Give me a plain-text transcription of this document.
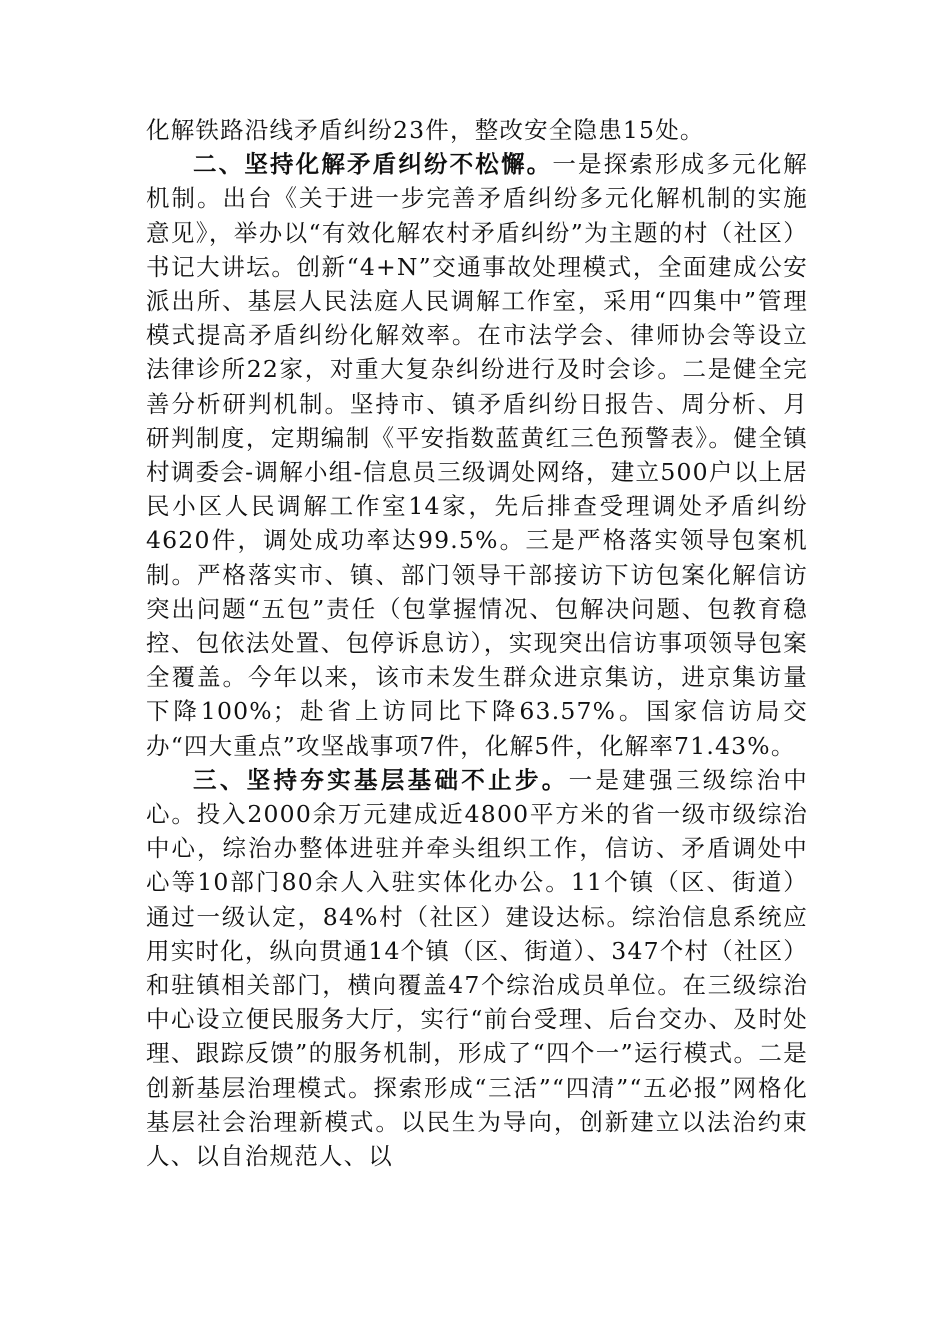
化解铁路沿线矛盾纠纷23件，整改安全隐患15处。

二、坚持化解矛盾纠纷不松懈。一是探索形成多元化解机制。出台《关于进一步完善矛盾纠纷多元化解机制的实施意见》，举办以“有效化解农村矛盾纠纷”为主题的村（社区）书记大讲坛。创新“4+N”交通事故处理模式，全面建成公安派出所、基层人民法庭人民调解工作室，采用“四集中”管理模式提高矛盾纠纷化解效率。在市法学会、律师协会等设立法律诊所22家，对重大复杂纠纷进行及时会诊。二是健全完善分析研判机制。坚持市、镇矛盾纠纷日报告、周分析、月研判制度，定期编制《平安指数蓝黄红三色预警表》。健全镇村调委会-调解小组-信息员三级调处网络，建立500户以上居民小区人民调解工作室14家，先后排查受理调处矛盾纠纷4620件，调处成功率达99.5%。三是严格落实领导包案机制。严格落实市、镇、部门领导干部接访下访包案化解信访突出问题“五包”责任（包掌握情况、包解决问题、包教育稳控、包依法处置、包停诉息访），实现突出信访事项领导包案全覆盖。今年以来，该市未发生群众进京集访，进京集访量下降100%；赴省上访同比下降63.57%。国家信访局交办“四大重点”攻坚战事项7件，化解5件，化解率71.43%。

三、坚持夯实基层基础不止步。一是建强三级综治中心。投入2000余万元建成近4800平方米的省一级市级综治中心，综治办整体进驻并牵头组织工作，信访、矛盾调处中心等10部门80余人入驻实体化办公。11个镇（区、街道）通过一级认定，84%村（社区）建设达标。综治信息系统应用实时化，纵向贯通14个镇（区、街道）、347个村（社区）和驻镇相关部门，横向覆盖47个综治成员单位。在三级综治中心设立便民服务大厅，实行“前台受理、后台交办、及时处理、跟踪反馈”的服务机制，形成了“四个一”运行模式。二是创新基层治理模式。探索形成“三活”“四清”“五必报”网格化基层社会治理新模式。以民生为导向，创新建立以法治约束人、以自治规范人、以
